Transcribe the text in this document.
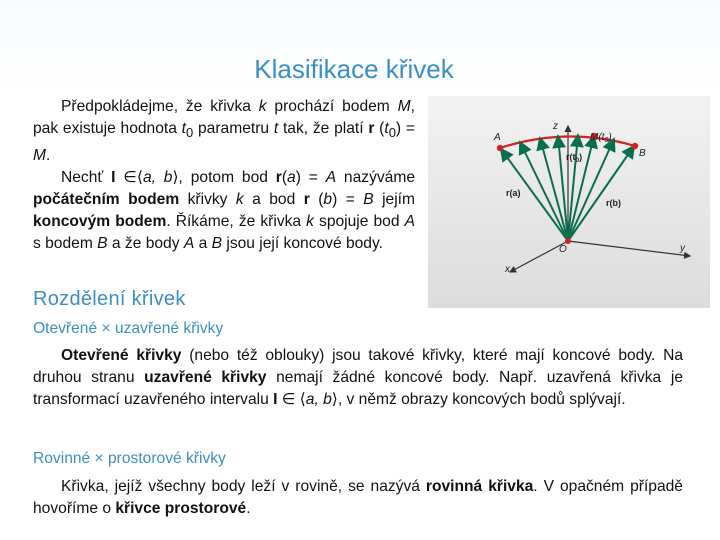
Klasifikace křivek

Předpokládejme, že křivka k prochází bodem M, pak existuje hodnota $t_0$ parametru t tak, že platí r $(t_0) = M$.

Nechť I ∈⟨a, b⟩, potom bod r(a) = A nazýváme počátečním bodem křivky k a bod r (b) = B jejím koncovým bodem. Říkáme, že křivka k spojuje bod A s bodem B a že body A a B jsou její koncové body.

A
B
z
$M(t_0)$
$r(t_0)$
r(a)
r(b)
O	y
x
Rozdělení křivek
Otevřené × uzavřené křivky

Otevřené křivky (nebo též oblouky) jsou takové křivky, které mají koncové body. Na druhou stranu uzavřené křivky nemají žádné koncové body. Např. uzavřená křivka je transformací uzavřeného intervalu I ∈ ⟨a, b⟩, v němž obrazy koncových bodů splývají.

Rovinné × prostorové křivky

Křivka, jejíž všechny body leží v rovině, se nazývá rovinná křivka. V opačném případě hovoříme o křivce prostorové.
